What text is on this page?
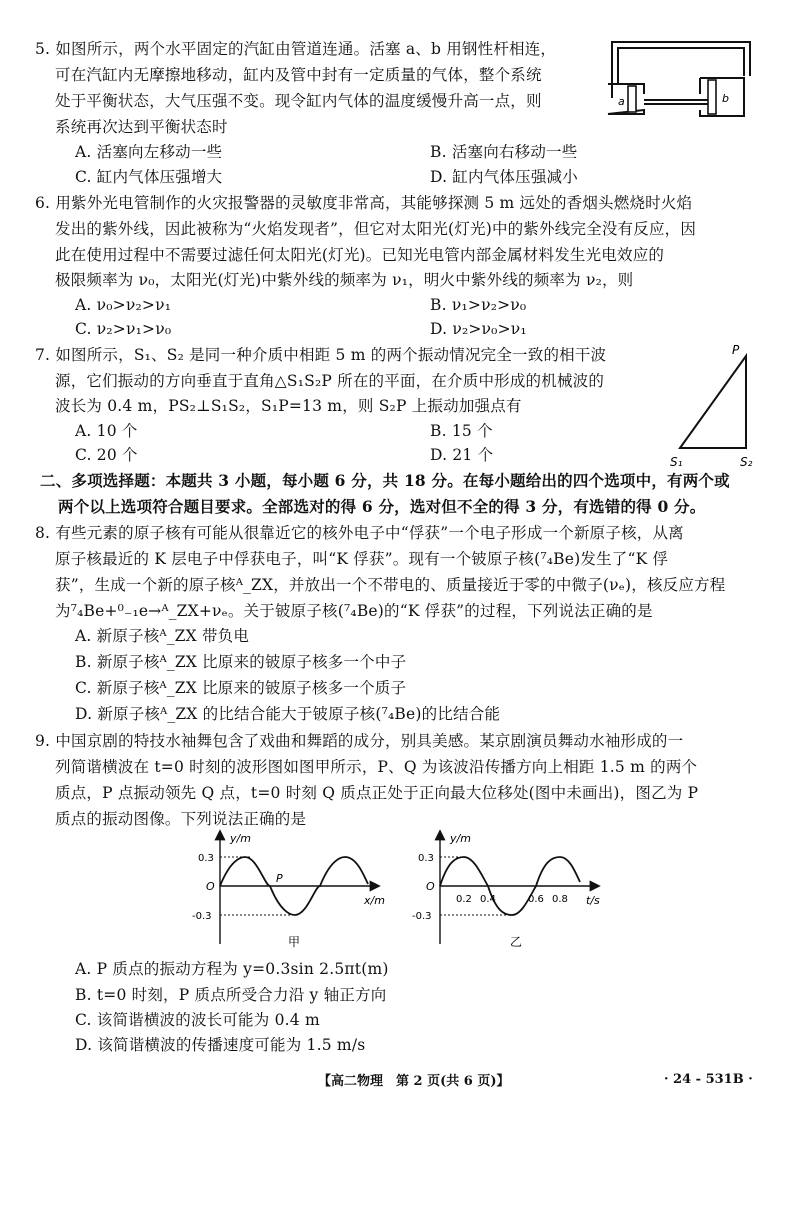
5. 如图所示，两个水平固定的汽缸由管道连通。活塞 a、b 用钢性杆相连，
可在汽缸内无摩擦地移动，缸内及管中封有一定质量的气体，整个系统
处于平衡状态，大气压强不变。现令缸内气体的温度缓慢升高一点，则
系统再次达到平衡状态时
A. 活塞向左移动一些	B. 活塞向右移动一些
C. 缸内气体压强增大	D. 缸内气体压强减小
a	b
6. 用紫外光电管制作的火灾报警器的灵敏度非常高，其能够探测 5 m 远处的香烟头燃烧时火焰
发出的紫外线，因此被称为“火焰发现者”，但它对太阳光(灯光)中的紫外线完全没有反应，因
此在使用过程中不需要过滤任何太阳光(灯光)。已知光电管内部金属材料发生光电效应的
极限频率为 ν₀，太阳光(灯光)中紫外线的频率为 ν₁，明火中紫外线的频率为 ν₂，则
A. ν₀>ν₂>ν₁	B. ν₁>ν₂>ν₀
C. ν₂>ν₁>ν₀	D. ν₂>ν₀>ν₁
7. 如图所示，S₁、S₂ 是同一种介质中相距 5 m 的两个振动情况完全一致的相干波
源，它们振动的方向垂直于直角△S₁S₂P 所在的平面，在介质中形成的机械波的
波长为 0.4 m，PS₂⊥S₁S₂，S₁P=13 m，则 S₂P 上振动加强点有
A. 10 个	B. 15 个
C. 20 个	D. 21 个
P
S₁	S₂
二、多项选择题：本题共 3 小题，每小题 6 分，共 18 分。在每小题给出的四个选项中，有两个或
两个以上选项符合题目要求。全部选对的得 6 分，选对但不全的得 3 分，有选错的得 0 分。
8. 有些元素的原子核有可能从很靠近它的核外电子中“俘获”一个电子形成一个新原子核，从离
原子核最近的 K 层电子中俘获电子，叫“K 俘获”。现有一个铍原子核(⁷₄Be)发生了“K 俘
获”，生成一个新的原子核ᴬ_ZX，并放出一个不带电的、质量接近于零的中微子(νₑ)，核反应方程
为⁷₄Be+⁰₋₁e→ᴬ_ZX+νₑ。关于铍原子核(⁷₄Be)的“K 俘获”的过程，下列说法正确的是
A. 新原子核ᴬ_ZX 带负电
B. 新原子核ᴬ_ZX 比原来的铍原子核多一个中子
C. 新原子核ᴬ_ZX 比原来的铍原子核多一个质子
D. 新原子核ᴬ_ZX 的比结合能大于铍原子核(⁷₄Be)的比结合能
9. 中国京剧的特技水袖舞包含了戏曲和舞蹈的成分，别具美感。某京剧演员舞动水袖形成的一
列简谐横波在 t=0 时刻的波形图如图甲所示，P、Q 为该波沿传播方向上相距 1.5 m 的两个
质点，P 点振动领先 Q 点，t=0 时刻 Q 质点正处于正向最大位移处(图中未画出)，图乙为 P
质点的振动图像。下列说法正确的是
y/m
x/m
O
0.3
-0.3
P
甲
y/m
t/s
O
0.3
-0.3
0.2 0.4	0.6 0.8
乙
A. P 质点的振动方程为 y=0.3sin 2.5πt(m)
B. t=0 时刻，P 质点所受合力沿 y 轴正方向
C. 该简谐横波的波长可能为 0.4 m
D. 该简谐横波的传播速度可能为 1.5 m/s
【高二物理　第 2 页(共 6 页)】	· 24 - 531B ·
